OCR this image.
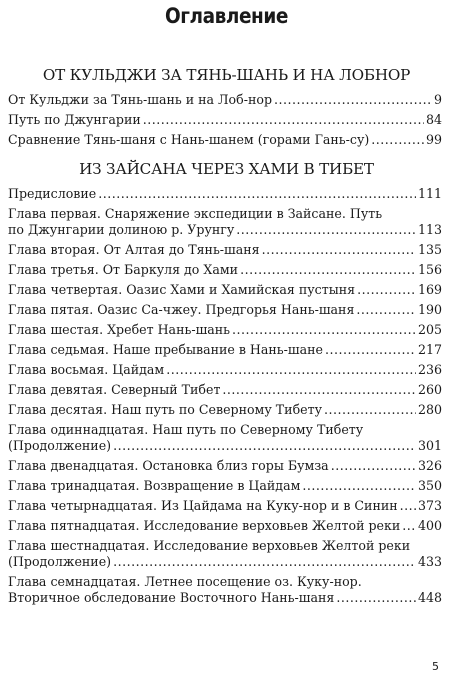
Оглавление
ОТ КУЛЬДЖИ ЗА ТЯНЬ-ШАНЬ И НА ЛОБНОР
От Кульджи за Тянь-шань и на Лоб-нор .....	9
Путь по Джунгарии .....	84
Сравнение Тянь-шаня с Нань-шанем (горами Гань-су) .....	99
ИЗ ЗАЙСАНА ЧЕРЕЗ ХАМИ В ТИБЕТ
Предисловие .....	111
Глава первая. Снаряжение экспедиции в Зайсане. Путь
по Джунгарии долиною р. Урунгу .....	113
Глава вторая. От Алтая до Тянь-шаня .....	135
Глава третья. От Баркуля до Хами .....	156
Глава четвертая. Оазис Хами и Хамийская пустыня .....	169
Глава пятая. Оазис Са-чжеу. Предгорья Нань-шаня .....	190
Глава шестая. Хребет Нань-шань .....	205
Глава седьмая. Наше пребывание в Нань-шане .....	217
Глава восьмая. Цайдам .....	236
Глава девятая. Северный Тибет .....	260
Глава десятая. Наш путь по Северному Тибету .....	280
Глава одиннадцатая. Наш путь по Северному Тибету
(Продолжение) .....	301
Глава двенадцатая. Остановка близ горы Бумза .....	326
Глава тринадцатая. Возвращение в Цайдам .....	350
Глава четырнадцатая. Из Цайдама на Куку-нор и в Синин ..... 373
Глава пятнадцатая. Исследование верховьев Желтой реки ..... 400
Глава шестнадцатая. Исследование верховьев Желтой реки
(Продолжение) .....	433
Глава семнадцатая. Летнее посещение оз. Куку-нор.
Вторичное обследование Восточного Нань-шаня .....	448
5
